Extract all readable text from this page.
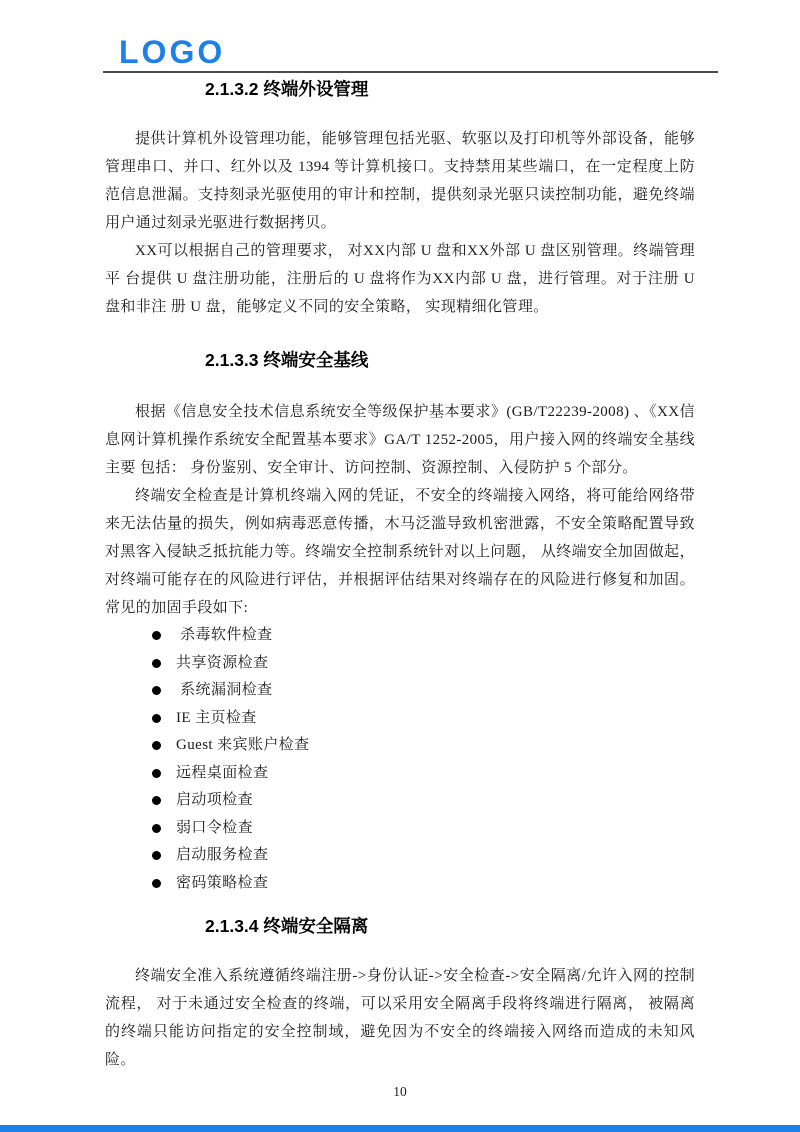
LOGO
2.1.3.2 终端外设管理

提供计算机外设管理功能，能够管理包括光驱、软驱以及打印机等外部设备，能够管理串口、并口、红外以及 1394 等计算机接口。支持禁用某些端口，在一定程度上防范信息泄漏。支持刻录光驱使用的审计和控制，提供刻录光驱只读控制功能，避免终端用户通过刻录光驱进行数据拷贝。

XX可以根据自己的管理要求， 对XX内部 U 盘和XX外部 U 盘区别管理。终端管理平 台提供 U 盘注册功能，注册后的 U 盘将作为XX内部 U 盘，进行管理。对于注册 U 盘和非注 册 U 盘，能够定义不同的安全策略， 实现精细化管理。

2.1.3.3 终端安全基线

根据《信息安全技术信息系统安全等级保护基本要求》(GB/T22239-2008) 、《XX信 息网计算机操作系统安全配置基本要求》GA/T 1252-2005，用户接入网的终端安全基线主要 包括： 身份鉴别、安全审计、访问控制、资源控制、入侵防护 5 个部分。

终端安全检查是计算机终端入网的凭证，不安全的终端接入网络，将可能给网络带来无法估量的损失，例如病毒恶意传播，木马泛滥导致机密泄露，不安全策略配置导致对黑客入侵缺乏抵抗能力等。终端安全控制系统针对以上问题， 从终端安全加固做起，对终端可能存在的风险进行评估，并根据评估结果对终端存在的风险进行修复和加固。常见的加固手段如下:

杀毒软件检查
共享资源检查
系统漏洞检查
IE 主页检查
Guest 来宾账户检查
远程桌面检查
启动项检查
弱口令检查
启动服务检查
密码策略检查
2.1.3.4 终端安全隔离

终端安全准入系统遵循终端注册->身份认证->安全检查->安全隔离/允许入网的控制流程， 对于未通过安全检查的终端，可以采用安全隔离手段将终端进行隔离， 被隔离的终端只能访问指定的安全控制域，避免因为不安全的终端接入网络而造成的未知风险。

10
